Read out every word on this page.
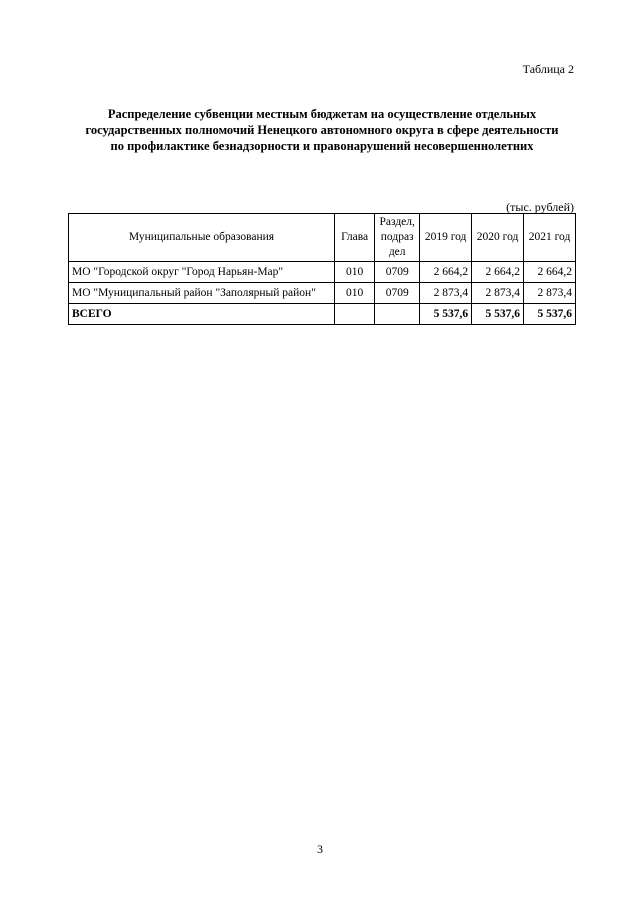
Таблица 2
Распределение субвенции местным бюджетам на осуществление отдельных государственных полномочий Ненецкого автономного округа в сфере деятельности по профилактике безнадзорности и правонарушений несовершеннолетних
(тыс. рублей)
Муниципальные образования	Глава	Раздел, подраз дел	2019 год	2020 год	2021 год
МО "Городской округ "Город Нарьян-Мар"	010	0709	2 664,2	2 664,2	2 664,2
МО "Муниципальный район "Заполярный район"	010	0709	2 873,4	2 873,4	2 873,4
ВСЕГО			5 537,6	5 537,6	5 537,6
3
